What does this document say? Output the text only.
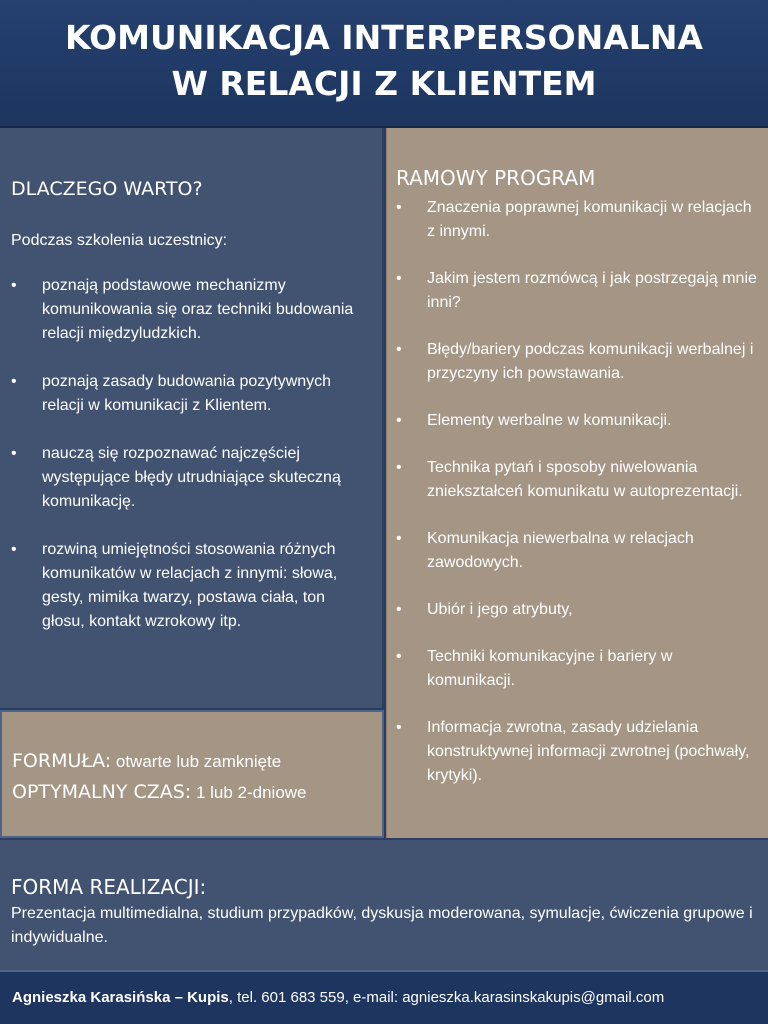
KOMUNIKACJA INTERPERSONALNA
W RELACJI Z KLIENTEM
DLACZEGO WARTO?
Podczas szkolenia uczestnicy:
• poznają podstawowe mechanizmy komunikowania się oraz techniki budowania relacji międzyludzkich.
• poznają zasady budowania pozytywnych relacji w komunikacji z Klientem.
• nauczą się rozpoznawać najczęściej występujące błędy utrudniające skuteczną komunikację.
• rozwiną umiejętności stosowania różnych komunikatów w relacjach z innymi: słowa, gesty, mimika twarzy, postawa ciała, ton głosu, kontakt wzrokowy itp.
FORMUŁA: otwarte lub zamknięte
OPTYMALNY CZAS: 1 lub 2-dniowe
RAMOWY PROGRAM
• Znaczenia poprawnej komunikacji w relacjach z innymi.
• Jakim jestem rozmówcą i jak postrzegają mnie inni?
• Błędy/bariery podczas komunikacji werbalnej i przyczyny ich powstawania.
• Elementy werbalne w komunikacji.
• Technika pytań i sposoby niwelowania zniekształceń komunikatu w autoprezentacji.
• Komunikacja niewerbalna w relacjach zawodowych.
• Ubiór i jego atrybuty,
• Techniki komunikacyjne i bariery w komunikacji.
• Informacja zwrotna, zasady udzielania konstruktywnej informacji zwrotnej (pochwały, krytyki).
FORMA REALIZACJI:
Prezentacja multimedialna, studium przypadków, dyskusja moderowana, symulacje, ćwiczenia grupowe i indywidualne.
Agnieszka Karasińska – Kupis, tel. 601 683 559, e-mail: agnieszka.karasinskakupis@gmail.com
